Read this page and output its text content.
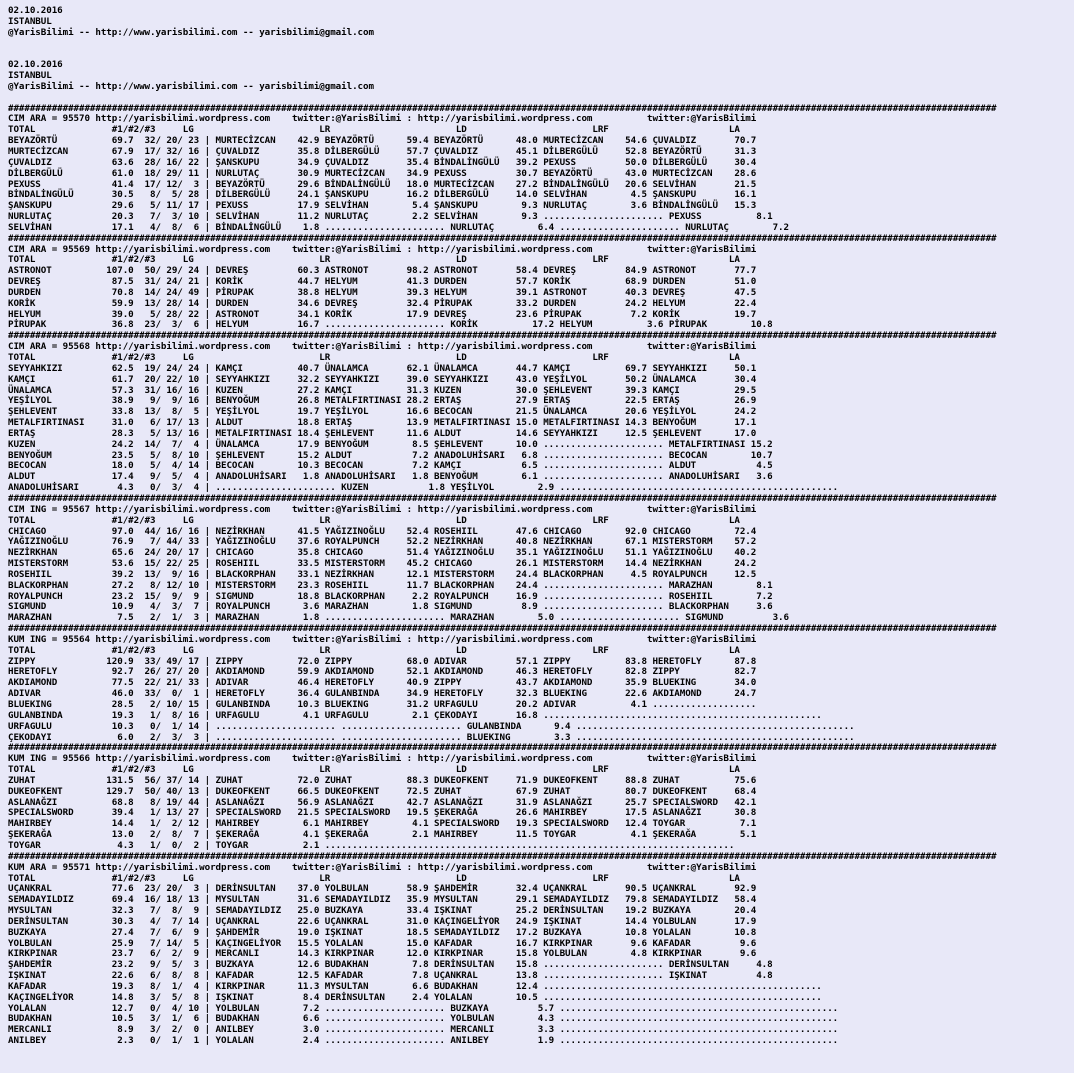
02.10.2016
ISTANBUL
@YarisBilimi -- http://www.yarisbilimi.com -- yarisbilimi@gmail.com
02.10.2016
ISTANBUL
@YarisBilimi -- http://www.yarisbilimi.com -- yarisbilimi@gmail.com
#####################################################################################################################################################################################
CIM ARA = 95570 http://yarisbilimi.wordpress.com    twitter:@YarisBilimi : http://yarisbilimi.wordpress.com          twitter:@YarisBilimi
TOTAL              #1/#2/#3     LG                       LR                       LD                       LRF                      LA
BEYAZÖRTÜ          69.7  32/ 20/ 23 | MURTECİZCAN    42.9 BEYAZÖRTÜ      59.4 BEYAZÖRTÜ      48.0 MURTECİZCAN    54.6 ÇUVALDIZ       70.7
MURTECİZCAN        67.9  17/ 32/ 16 | ÇUVALDIZ       35.8 DİLBERGÜLÜ     57.7 ÇUVALDIZ       45.1 DİLBERGÜLÜ     52.8 BEYAZÖRTÜ      31.3
ÇUVALDIZ           63.6  28/ 16/ 22 | ŞANSKUPU       34.9 ÇUVALDIZ       35.4 BİNDALİNGÜLÜ   39.2 PEXUSS         50.0 DİLBERGÜLÜ     30.4
DİLBERGÜLÜ         61.0  18/ 29/ 11 | NURLUTAÇ       30.9 MURTECİZCAN    34.9 PEXUSS         30.7 BEYAZÖRTÜ      43.0 MURTECİZCAN    28.6
PEXUSS             41.4  17/ 12/  3 | BEYAZÖRTÜ      29.6 BİNDALİNGÜLÜ   18.0 MURTECİZCAN    27.2 BİNDALİNGÜLÜ   20.6 SELVİHAN       21.5
BİNDALİNGÜLÜ       30.5   8/  5/ 28 | DİLBERGÜLÜ     24.1 ŞANSKUPU       16.2 DİLBERGÜLÜ     14.0 SELVİHAN        4.5 ŞANSKUPU       16.1
ŞANSKUPU           29.6   5/ 11/ 17 | PEXUSS         17.9 SELVİHAN        5.4 ŞANSKUPU        9.3 NURLUTAÇ        3.6 BİNDALİNGÜLÜ   15.3
NURLUTAÇ           20.3   7/  3/ 10 | SELVİHAN       11.2 NURLUTAÇ        2.2 SELVİHAN        9.3 ...................... PEXUSS          8.1
SELVİHAN           17.1   4/  8/  6 | BİNDALİNGÜLÜ    1.8 ...................... NURLUTAÇ        6.4 ...................... NURLUTAÇ        7.2
#####################################################################################################################################################################################
CIM ARA = 95569 http://yarisbilimi.wordpress.com    twitter:@YarisBilimi : http://yarisbilimi.wordpress.com          twitter:@YarisBilimi
TOTAL              #1/#2/#3     LG                       LR                       LD                       LRF                      LA
ASTRONOT          107.0  50/ 29/ 24 | DEVREŞ         60.3 ASTRONOT       98.2 ASTRONOT       58.4 DEVREŞ         84.9 ASTRONOT       77.7
DEVREŞ             87.5  31/ 24/ 21 | KORİK          44.7 HELYUM         41.3 DURDEN         57.7 KORİK          68.9 DURDEN         51.0
DURDEN             70.8  14/ 24/ 49 | PİRUPAK        38.8 HELYUM         39.3 HELYUM         39.1 ASTRONOT       40.3 DEVREŞ         47.5
KORİK              59.9  13/ 28/ 14 | DURDEN         34.6 DEVREŞ         32.4 PİRUPAK        33.2 DURDEN         24.2 HELYUM         22.4
HELYUM             39.0   5/ 28/ 22 | ASTRONOT       34.1 KORİK          17.9 DEVREŞ         23.6 PİRUPAK         7.2 KORİK          19.7
PİRUPAK            36.8  23/  3/  6 | HELYUM         16.7 ...................... KORİK          17.2 HELYUM          3.6 PİRUPAK        10.8
#####################################################################################################################################################################################
CIM ARA = 95568 http://yarisbilimi.wordpress.com    twitter:@YarisBilimi : http://yarisbilimi.wordpress.com          twitter:@YarisBilimi
TOTAL              #1/#2/#3     LG                       LR                       LD                       LRF                      LA
SEYYAHKIZI         62.5  19/ 24/ 24 | KAMÇI          40.7 ÜNALAMCA       62.1 ÜNALAMCA       44.7 KAMÇI          69.7 SEYYAHKIZI     50.1
KAMÇI              61.7  20/ 22/ 10 | SEYYAHKIZI     32.2 SEYYAHKIZI     39.0 SEYYAHKIZI     43.0 YEŞİLYOL       50.2 ÜNALAMCA       30.4
ÜNALAMCA           57.3  31/ 16/ 16 | KUZEN          27.2 KAMÇI          31.3 KUZEN          30.0 ŞEHLEVENT      39.3 KAMÇI          29.5
YEŞİLYOL           38.9   9/  9/ 16 | BENYOĞUM       26.8 METALFIRTINASI 28.2 ERTAŞ          27.9 ERTAŞ          22.5 ERTAŞ          26.9
ŞEHLEVENT          33.8  13/  8/  5 | YEŞİLYOL       19.7 YEŞİLYOL       16.6 BECOCAN        21.5 ÜNALAMCA       20.6 YEŞİLYOL       24.2
METALFIRTINASI     31.0   6/ 17/ 13 | ALDUT          18.8 ERTAŞ          13.9 METALFIRTINASI 15.0 METALFIRTINASI 14.3 BENYOĞUM       17.1
ERTAŞ              28.3   5/ 13/ 16 | METALFIRTINASI 18.4 ŞEHLEVENT      11.6 ALDUT          14.6 SEYYAHKIZI     12.5 ŞEHLEVENT      17.0
KUZEN              24.2  14/  7/  4 | ÜNALAMCA       17.9 BENYOĞUM        8.5 ŞEHLEVENT      10.0 ...................... METALFIRTINASI 15.2
BENYOĞUM           23.5   5/  8/ 10 | ŞEHLEVENT      15.2 ALDUT           7.2 ANADOLUHİSARI   6.8 ...................... BECOCAN        10.7
BECOCAN            18.0   5/  4/ 14 | BECOCAN        10.3 BECOCAN         7.2 KAMÇI           6.5 ...................... ALDUT           4.5
ALDUT              17.4   9/  5/  4 | ANADOLUHİSARI   1.8 ANADOLUHİSARI   1.8 BENYOĞUM        6.1 ...................... ANADOLUHİSARI   3.6
ANADOLUHİSARI       4.3   0/  3/  4 | ...................... KUZEN           1.8 YEŞİLYOL        2.9 ...................................................
#####################################################################################################################################################################################
CIM ING = 95567 http://yarisbilimi.wordpress.com    twitter:@YarisBilimi : http://yarisbilimi.wordpress.com          twitter:@YarisBilimi
TOTAL              #1/#2/#3     LG                       LR                       LD                       LRF                      LA
CHICAGO            97.0  44/ 16/ 16 | NEZİRKHAN      41.5 YAĞIZINOĞLU    52.4 ROSEHIIL       47.6 CHICAGO        92.0 CHICAGO        72.4
YAĞIZINOĞLU        76.9   7/ 44/ 33 | YAĞIZINOĞLU    37.6 ROYALPUNCH     52.2 NEZİRKHAN      40.8 NEZİRKHAN      67.1 MISTERSTORM    57.2
NEZİRKHAN          65.6  24/ 20/ 17 | CHICAGO        35.8 CHICAGO        51.4 YAĞIZINOĞLU    35.1 YAĞIZINOĞLU    51.1 YAĞIZINOĞLU    40.2
MISTERSTORM        53.6  15/ 22/ 25 | ROSEHIIL       33.5 MISTERSTORM    45.2 CHICAGO        26.1 MISTERSTORM    14.4 NEZİRKHAN      24.2
ROSEHIIL           39.2  13/  9/ 16 | BLACKORPHAN    33.1 NEZİRKHAN      12.1 MISTERSTORM    24.4 BLACKORPHAN     4.5 ROYALPUNCH     12.5
BLACKORPHAN        27.2   8/ 12/ 10 | MISTERSTORM    23.3 ROSEHIIL       11.7 BLACKORPHAN    24.4 ...................... MARAZHAN        8.1
ROYALPUNCH         23.2  15/  9/  9 | SIGMUND        18.8 BLACKORPHAN     2.2 ROYALPUNCH     16.9 ...................... ROSEHIIL        7.2
SIGMUND            10.9   4/  3/  7 | ROYALPUNCH      3.6 MARAZHAN        1.8 SIGMUND         8.9 ...................... BLACKORPHAN     3.6
MARAZHAN            7.5   2/  1/  3 | MARAZHAN        1.8 ...................... MARAZHAN        5.0 ...................... SIGMUND         3.6
#####################################################################################################################################################################################
KUM ING = 95564 http://yarisbilimi.wordpress.com    twitter:@YarisBilimi : http://yarisbilimi.wordpress.com          twitter:@YarisBilimi
TOTAL              #1/#2/#3     LG                       LR                       LD                       LRF                      LA
ZIPPY             120.9  33/ 49/ 17 | ZIPPY          72.0 ZIPPY          68.0 ADIVAR         57.1 ZIPPY          83.8 HERETOFLY      87.8
HERETOFLY          92.7  26/ 27/ 20 | AKDIAMOND      59.9 AKDIAMOND      52.1 AKDIAMOND      46.3 HERETOFLY      82.8 ZIPPY          82.7
AKDIAMOND          77.5  22/ 21/ 33 | ADIVAR         46.4 HERETOFLY      40.9 ZIPPY          43.7 AKDIAMOND      35.9 BLUEKING       34.0
ADIVAR             46.0  33/  0/  1 | HERETOFLY      36.4 GULANBINDA     34.9 HERETOFLY      32.3 BLUEKING       22.6 AKDIAMOND      24.7
BLUEKING           28.5   2/ 10/ 15 | GULANBINDA     10.3 BLUEKING       31.2 URFAGULU       20.2 ADIVAR          4.1 ...................
GULANBINDA         19.3   1/  8/ 16 | URFAGULU        4.1 URFAGULU        2.1 ÇEKODAYI       16.8 ...................................................
URFAGULU           10.3   0/  1/ 14 | ...................... ...................... GULANBINDA      9.4 ...................................................
ÇEKODAYI            6.0   2/  3/  3 | ...................... ...................... BLUEKING        3.3 ...................................................
#####################################################################################################################################################################################
KUM ING = 95566 http://yarisbilimi.wordpress.com    twitter:@YarisBilimi : http://yarisbilimi.wordpress.com          twitter:@YarisBilimi
TOTAL              #1/#2/#3     LG                       LR                       LD                       LRF                      LA
ZUHAT             131.5  56/ 37/ 14 | ZUHAT          72.0 ZUHAT          88.3 DUKEOFKENT     71.9 DUKEOFKENT     88.8 ZUHAT          75.6
DUKEOFKENT        129.7  50/ 40/ 13 | DUKEOFKENT     66.5 DUKEOFKENT     72.5 ZUHAT          67.9 ZUHAT          80.7 DUKEOFKENT     68.4
ASLANAĞZI          68.8   8/ 19/ 44 | ASLANAĞZI      56.9 ASLANAĞZI      42.7 ASLANAĞZI      31.9 ASLANAĞZI      25.7 SPECIALSWORD   42.1
SPECIALSWORD       39.4   1/ 13/ 27 | SPECIALSWORD   21.5 SPECIALSWORD   19.5 ŞEKERAĞA       26.6 MAHIRBEY       17.5 ASLANAĞZI      30.8
MAHIRBEY           14.4   1/  2/ 12 | MAHIRBEY        6.1 MAHIRBEY        4.1 SPECIALSWORD   19.3 SPECIALSWORD   12.4 TOYGAR          7.1
ŞEKERAĞA           13.0   2/  8/  7 | ŞEKERAĞA        4.1 ŞEKERAĞA        2.1 MAHIRBEY       11.5 TOYGAR          4.1 ŞEKERAĞA        5.1
TOYGAR              4.3   1/  0/  2 | TOYGAR          2.1 ...........................................................................
#####################################################################################################################################################################################
KUM ARA = 95571 http://yarisbilimi.wordpress.com    twitter:@YarisBilimi : http://yarisbilimi.wordpress.com          twitter:@YarisBilimi
TOTAL              #1/#2/#3     LG                       LR                       LD                       LRF                      LA
UÇANKRAL           77.6  23/ 20/  3 | DERİNSULTAN    37.0 YOLBULAN       58.9 ŞAHDEMİR       32.4 UÇANKRAL       90.5 UÇANKRAL       92.9
SEMADAYILDIZ       69.4  16/ 18/ 13 | MYSULTAN       31.6 SEMADAYILDIZ   35.9 MYSULTAN       29.1 SEMADAYILDIZ   79.8 SEMADAYILDIZ   58.4
MYSULTAN           32.3   7/  8/  9 | SEMADAYILDIZ   25.0 BUZKAYA        33.4 IŞKINAT        25.2 DERİNSULTAN    19.2 BUZKAYA        20.4
DERİNSULTAN        30.3   4/  7/ 14 | UÇANKRAL       22.6 UÇANKRAL       31.0 KAÇINGELİYOR   24.9 IŞKINAT        14.4 YOLBULAN       17.9
BUZKAYA            27.4   7/  6/  9 | ŞAHDEMİR       19.0 IŞKINAT        18.5 SEMADAYILDIZ   17.2 BUZKAYA        10.8 YOLALAN        10.8
YOLBULAN           25.9   7/ 14/  5 | KAÇINGELİYOR   15.5 YOLALAN        15.0 KAFADAR        16.7 KIRKPINAR       9.6 KAFADAR         9.6
KIRKPINAR          23.7   6/  2/  9 | MERCANLI       14.3 KIRKPINAR      12.0 KIRKPINAR      15.8 YOLBULAN        4.8 KIRKPINAR       9.6
ŞAHDEMİR           23.2   9/  5/  3 | BUZKAYA        12.6 BUDAKHAN        7.8 DERİNSULTAN    15.8 ...................... DERİNSULTAN     4.8
IŞKINAT            22.6   6/  8/  8 | KAFADAR        12.5 KAFADAR         7.8 UÇANKRAL       13.8 ...................... IŞKINAT         4.8
KAFADAR            19.3   8/  1/  4 | KIRKPINAR      11.3 MYSULTAN        6.6 BUDAKHAN       12.4 ...................................................
KAÇINGELİYOR       14.8   3/  5/  8 | IŞKINAT         8.4 DERİNSULTAN     2.4 YOLALAN        10.5 ...................................................
YOLALAN            12.7   0/  4/ 10 | YOLBULAN        7.2 ...................... BUZKAYA         5.7 ...................................................
BUDAKHAN           10.5   3/  1/  6 | BUDAKHAN        6.6 ...................... YOLBULAN        4.3 ...................................................
MERCANLI            8.9   3/  2/  0 | ANILBEY         3.0 ...................... MERCANLI        3.3 ...................................................
ANILBEY             2.3   0/  1/  1 | YOLALAN         2.4 ...................... ANILBEY         1.9 ...................................................
